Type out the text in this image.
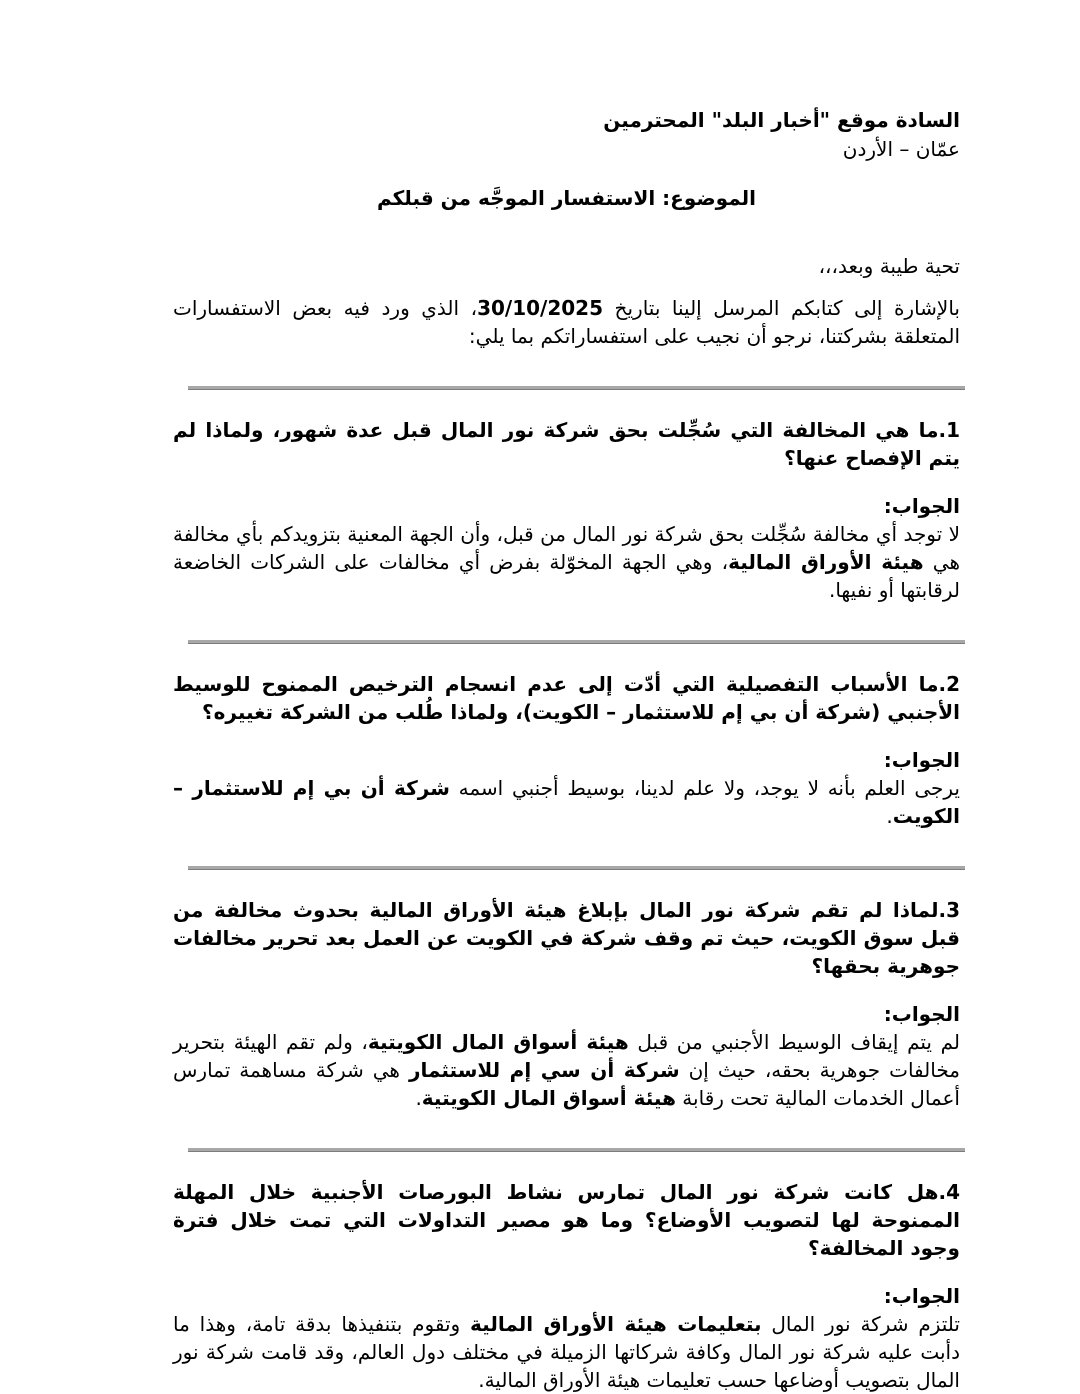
السادة موقع "أخبار البلد" المحترمين
عمّان – الأردن
الموضوع: الاستفسار الموجَّه من قبلكم
تحية طيبة وبعد،،،

بالإشارة إلى كتابكم المرسل إلينا بتاريخ 30/10/2025، الذي ورد فيه بعض الاستفسارات المتعلقة بشركتنا، نرجو أن نجيب على استفساراتكم بما يلي:

1.ما هي المخالفة التي سُجِّلت بحق شركة نور المال قبل عدة شهور، ولماذا لم يتم الإفصاح عنها؟

الجواب:

لا توجد أي مخالفة سُجِّلت بحق شركة نور المال من قبل، وأن الجهة المعنية بتزويدكم بأي مخالفة هي هيئة الأوراق المالية، وهي الجهة المخوّلة بفرض أي مخالفات على الشركات الخاضعة لرقابتها أو نفيها.

2.ما الأسباب التفصيلية التي أدّت إلى عدم انسجام الترخيص الممنوح للوسيط الأجنبي (شركة أن بي إم للاستثمار – الكويت)، ولماذا طُلب من الشركة تغييره؟

الجواب:

يرجى العلم بأنه لا يوجد، ولا علم لدينا، بوسيط أجنبي اسمه شركة أن بي إم للاستثمار – الكويت.

3.لماذا لم تقم شركة نور المال بإبلاغ هيئة الأوراق المالية بحدوث مخالفة من قبل سوق الكويت، حيث تم وقف شركة في الكويت عن العمل بعد تحرير مخالفات جوهرية بحقها؟

الجواب:

لم يتم إيقاف الوسيط الأجنبي من قبل هيئة أسواق المال الكويتية، ولم تقم الهيئة بتحرير مخالفات جوهرية بحقه، حيث إن شركة أن سي إم للاستثمار هي شركة مساهمة تمارس أعمال الخدمات المالية تحت رقابة هيئة أسواق المال الكويتية.

4.هل كانت شركة نور المال تمارس نشاط البورصات الأجنبية خلال المهلة الممنوحة لها لتصويب الأوضاع؟ وما هو مصير التداولات التي تمت خلال فترة وجود المخالفة؟

الجواب:

تلتزم شركة نور المال بتعليمات هيئة الأوراق المالية وتقوم بتنفيذها بدقة تامة، وهذا ما دأبت عليه شركة نور المال وكافة شركاتها الزميلة في مختلف دول العالم، وقد قامت شركة نور المال بتصويب أوضاعها حسب تعليمات هيئة الأوراق المالية.
